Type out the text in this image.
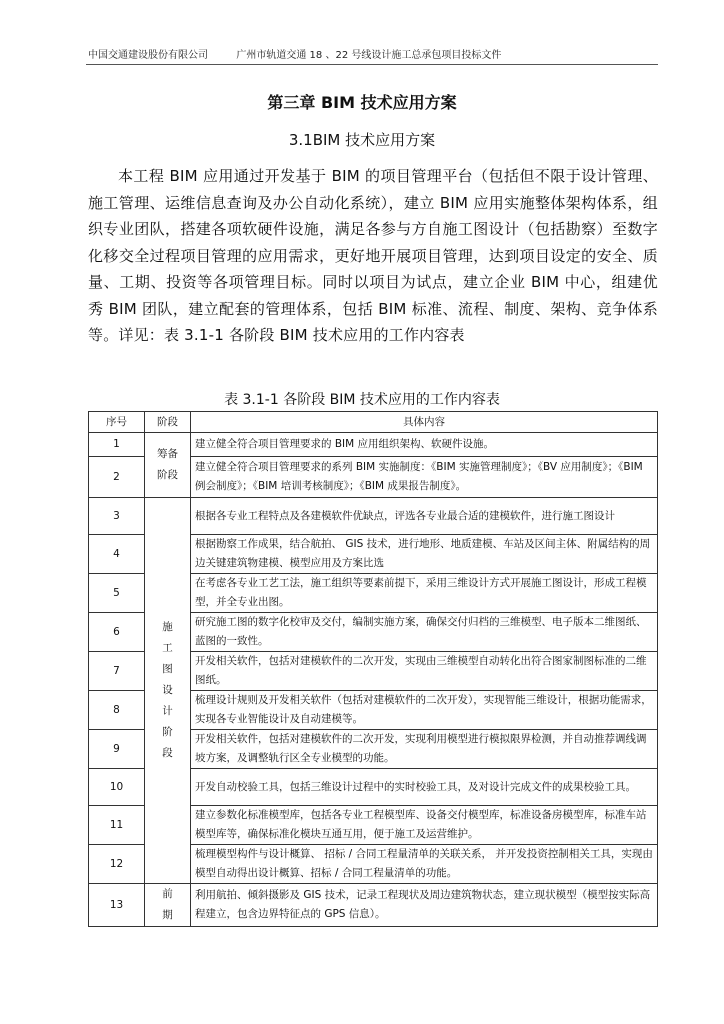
中国交通建设股份有限公司	广州市轨道交通 18 、22 号线设计施工总承包项目投标文件
第三章 BIM 技术应用方案
3.1BIM 技术应用方案
本工程 BIM 应用通过开发基于 BIM 的项目管理平台（包括但不限于设计管理、施工管理、运维信息查询及办公自动化系统），建立 BIM 应用实施整体架构体系，组织专业团队，搭建各项软硬件设施，满足各参与方自施工图设计（包括勘察）至数字化移交全过程项目管理的应用需求，更好地开展项目管理，达到项目设定的安全、质量、工期、投资等各项管理目标。同时以项目为试点，建立企业 BIM 中心，组建优秀 BIM 团队，建立配套的管理体系，包括 BIM 标准、流程、制度、架构、竞争体系等。详见：表 3.1-1 各阶段 BIM 技术应用的工作内容表
表 3.1-1 各阶段 BIM 技术应用的工作内容表
序号	阶段	具体内容
1	筹备阶段	建立健全符合项目管理要求的 BIM 应用组织架构、软硬件设施。
2		建立健全符合项目管理要求的系列 BIM 实施制度：《BIM 实施管理制度》；《BV 应用制度》；《BIM 例会制度》；《BIM 培训考核制度》；《BIM 成果报告制度》。
3	施工图设计阶段	根据各专业工程特点及各建模软件优缺点，评选各专业最合适的建模软件，进行施工图设计
4		根据勘察工作成果，结合航拍、 GIS 技术，进行地形、地质建模、车站及区间主体、附属结构的周边关键建筑物建模、模型应用及方案比选
5		在考虑各专业工艺工法，施工组织等要素前提下，采用三维设计方式开展施工图设计，形成工程模型，并全专业出图。
6		研究施工图的数字化校审及交付，编制实施方案，确保交付归档的三维模型、电子版本二维图纸、蓝图的一致性。
7		开发相关软件，包括对建模软件的二次开发，实现由三维模型自动转化出符合图家制图标准的二维图纸。
8		梳理设计规则及开发相关软件（包括对建模软件的二次开发），实现智能三维设计，根据功能需求，实现各专业智能设计及自动建模等。
9		开发相关软件，包括对建模软件的二次开发，实现利用模型进行模拟限界检测，并自动推荐调线调坡方案，及调整轨行区全专业模型的功能。
10		开发自动校验工具，包括三维设计过程中的实时校验工具，及对设计完成文件的成果校验工具。
11		建立参数化标准模型库，包括各专业工程模型库、设备交付模型库，标准设备房模型库，标准车站模型库等，确保标准化模块互通互用，便于施工及运营维护。
12		梳理模型构件与设计概算、 招标 / 合同工程量清单的关联关系， 并开发投资控制相关工具，实现由模型自动得出设计概算、招标 / 合同工程量清单的功能。
13	前期	利用航拍、倾斜摄影及 GIS 技术，记录工程现状及周边建筑物状态，建立现状模型（模型按实际高程建立，包含边界特征点的 GPS 信息）。
